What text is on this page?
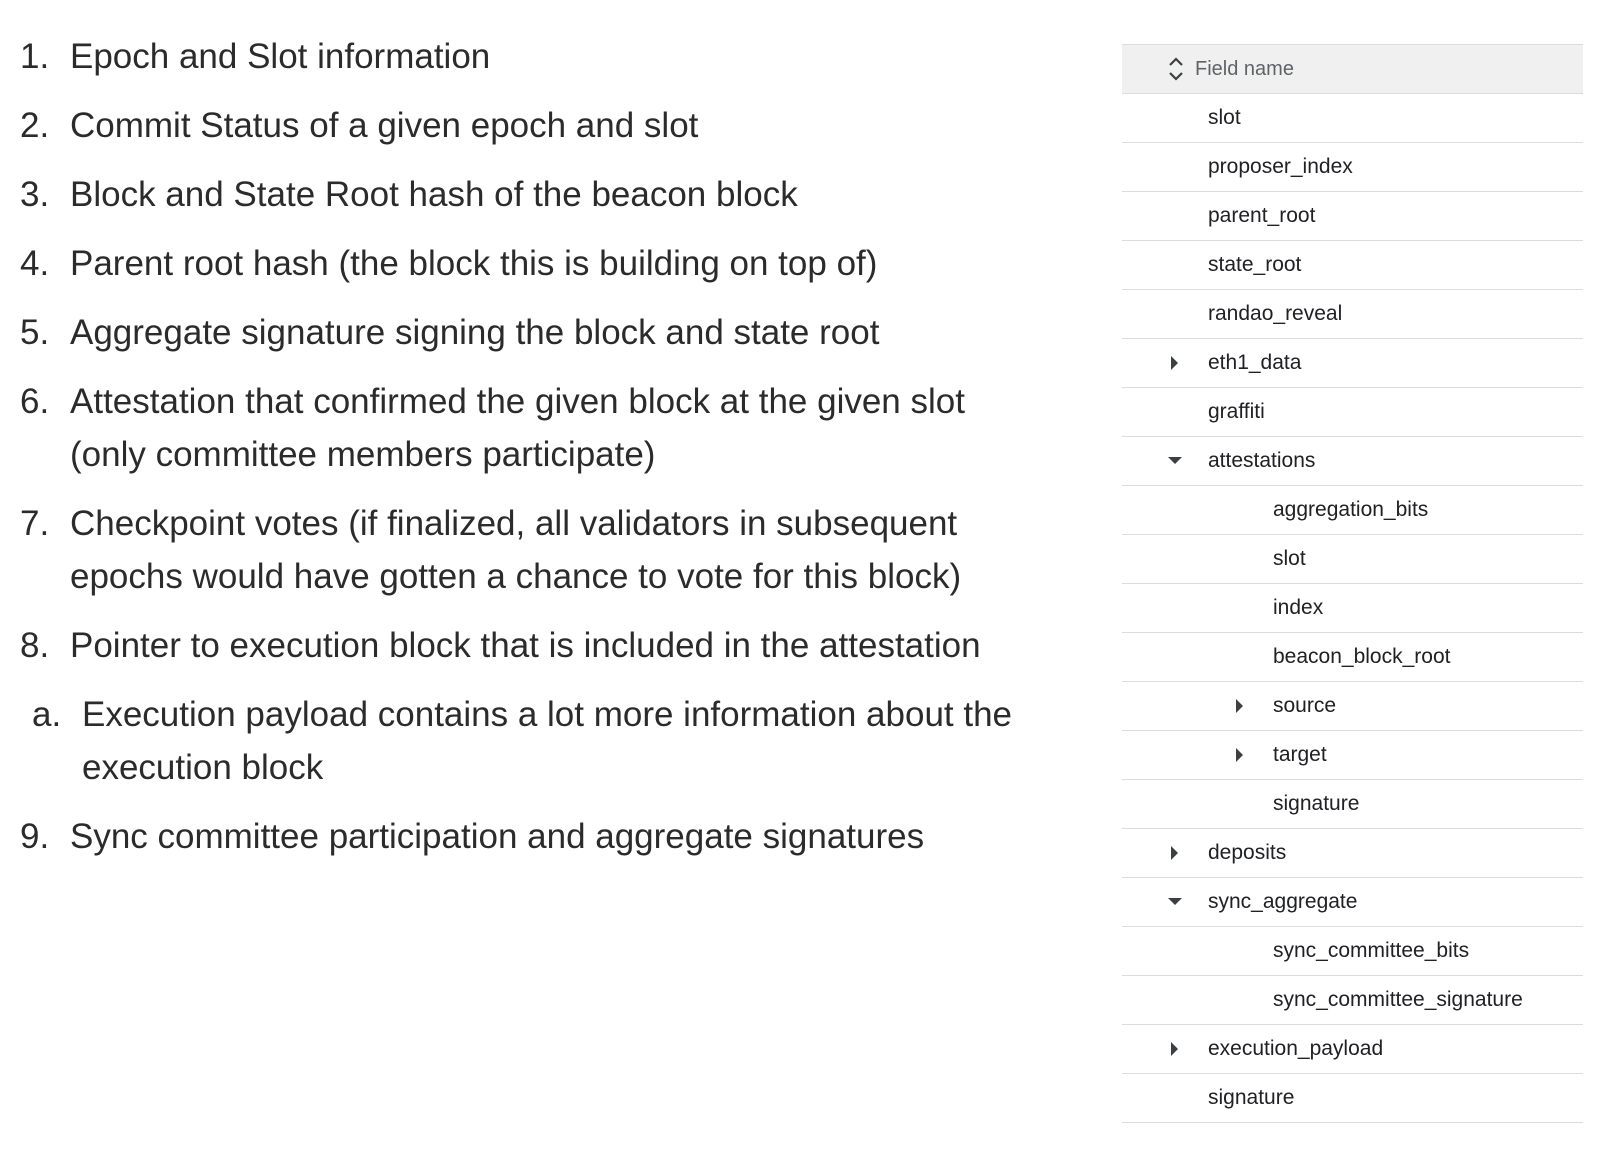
1. Epoch and Slot information
2. Commit Status of a given epoch and slot
3. Block and State Root hash of the beacon block
4. Parent root hash (the block this is building on top of)
5. Aggregate signature signing the block and state root
6. Attestation that confirmed the given block at the given slot (only committee members participate)
7. Checkpoint votes (if finalized, all validators in subsequent epochs would have gotten a chance to vote for this block)
8. Pointer to execution block that is included in the attestation
a. Execution payload contains a lot more information about the execution block
9. Sync committee participation and aggregate signatures
Field name
slot
proposer_index
parent_root
state_root
randao_reveal
eth1_data
graffiti
attestations
aggregation_bits
slot
index
beacon_block_root
source
target
signature
deposits
sync_aggregate
sync_committee_bits
sync_committee_signature
execution_payload
signature
